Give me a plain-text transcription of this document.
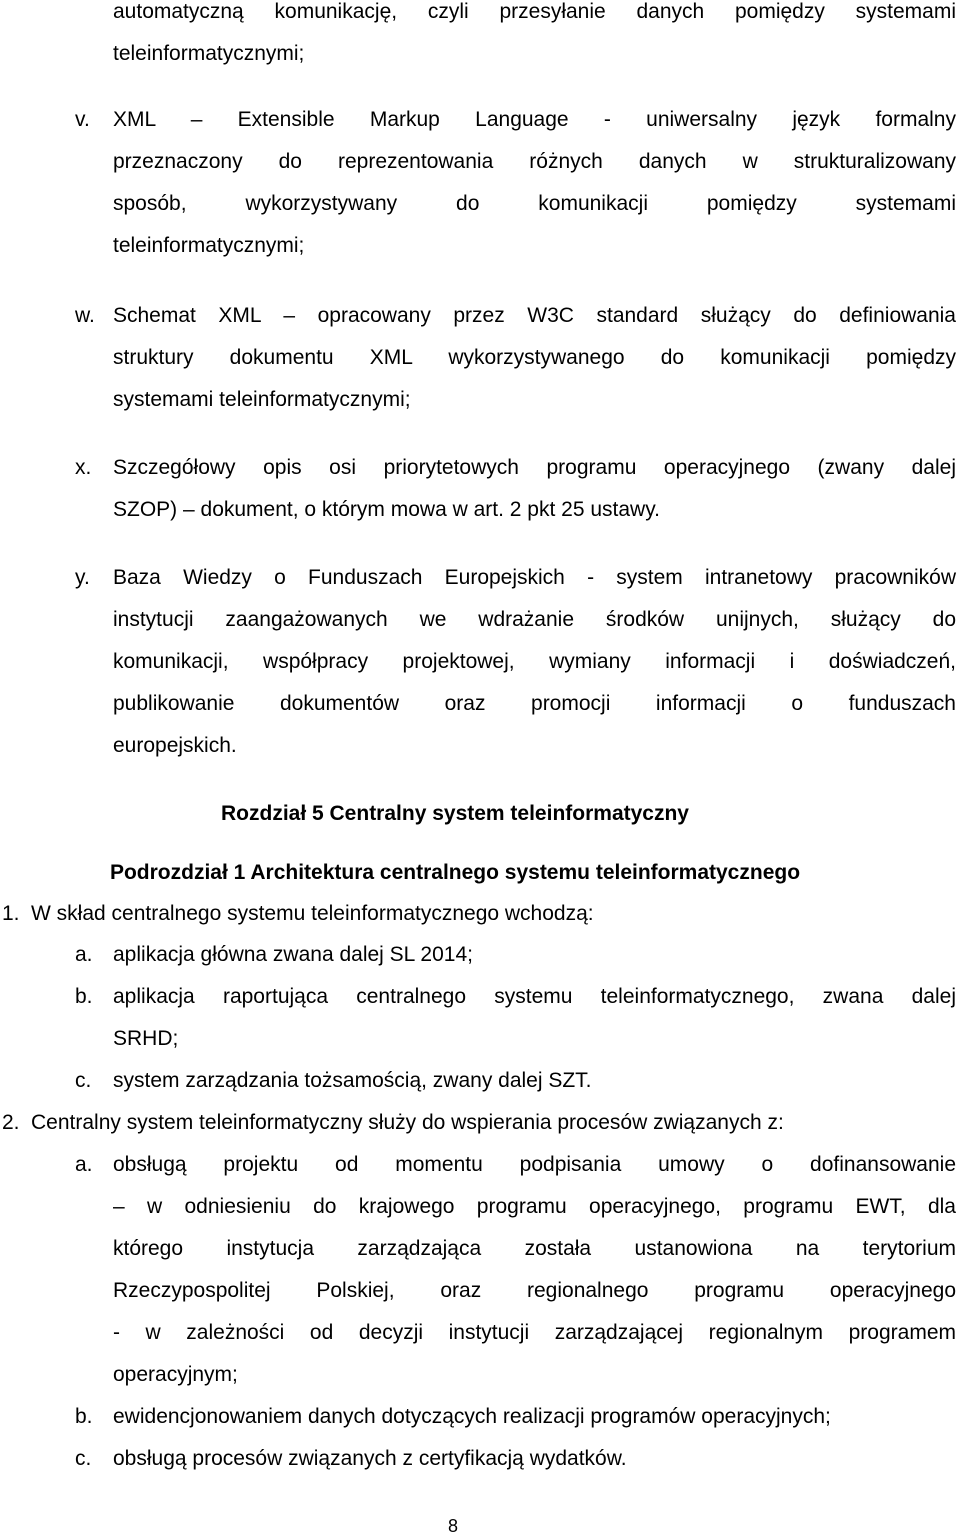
automatyczną komunikację, czyli przesyłanie danych pomiędzy systemami
teleinformatycznymi;
v. XML – Extensible Markup Language - uniwersalny język formalny
przeznaczony do reprezentowania różnych danych w strukturalizowany
sposób, wykorzystywany do komunikacji pomiędzy systemami
teleinformatycznymi;
w. Schemat XML – opracowany przez W3C standard służący do definiowania
struktury dokumentu XML wykorzystywanego do komunikacji pomiędzy
systemami teleinformatycznymi;
x. Szczegółowy opis osi priorytetowych programu operacyjnego (zwany dalej
SZOP) – dokument, o którym mowa w art. 2 pkt 25 ustawy.
y. Baza Wiedzy o Funduszach Europejskich - system intranetowy pracowników
instytucji zaangażowanych we wdrażanie środków unijnych, służący do
komunikacji, współpracy projektowej, wymiany informacji i doświadczeń,
publikowanie dokumentów oraz promocji informacji o funduszach
europejskich.
Rozdział 5 Centralny system teleinformatyczny
Podrozdział 1 Architektura centralnego systemu teleinformatycznego
1. W skład centralnego systemu teleinformatycznego wchodzą:
a. aplikacja główna zwana dalej SL 2014;
b. aplikacja raportująca centralnego systemu teleinformatycznego, zwana dalej
SRHD;
c. system zarządzania tożsamością, zwany dalej SZT.
2. Centralny system teleinformatyczny służy do wspierania procesów związanych z:
a. obsługą projektu od momentu podpisania umowy o dofinansowanie
– w odniesieniu do krajowego programu operacyjnego, programu EWT, dla
którego instytucja zarządzająca została ustanowiona na terytorium
Rzeczypospolitej Polskiej, oraz regionalnego programu operacyjnego
- w zależności od decyzji instytucji zarządzającej regionalnym programem
operacyjnym;
b. ewidencjonowaniem danych dotyczących realizacji programów operacyjnych;
c. obsługą procesów związanych z certyfikacją wydatków.
8
